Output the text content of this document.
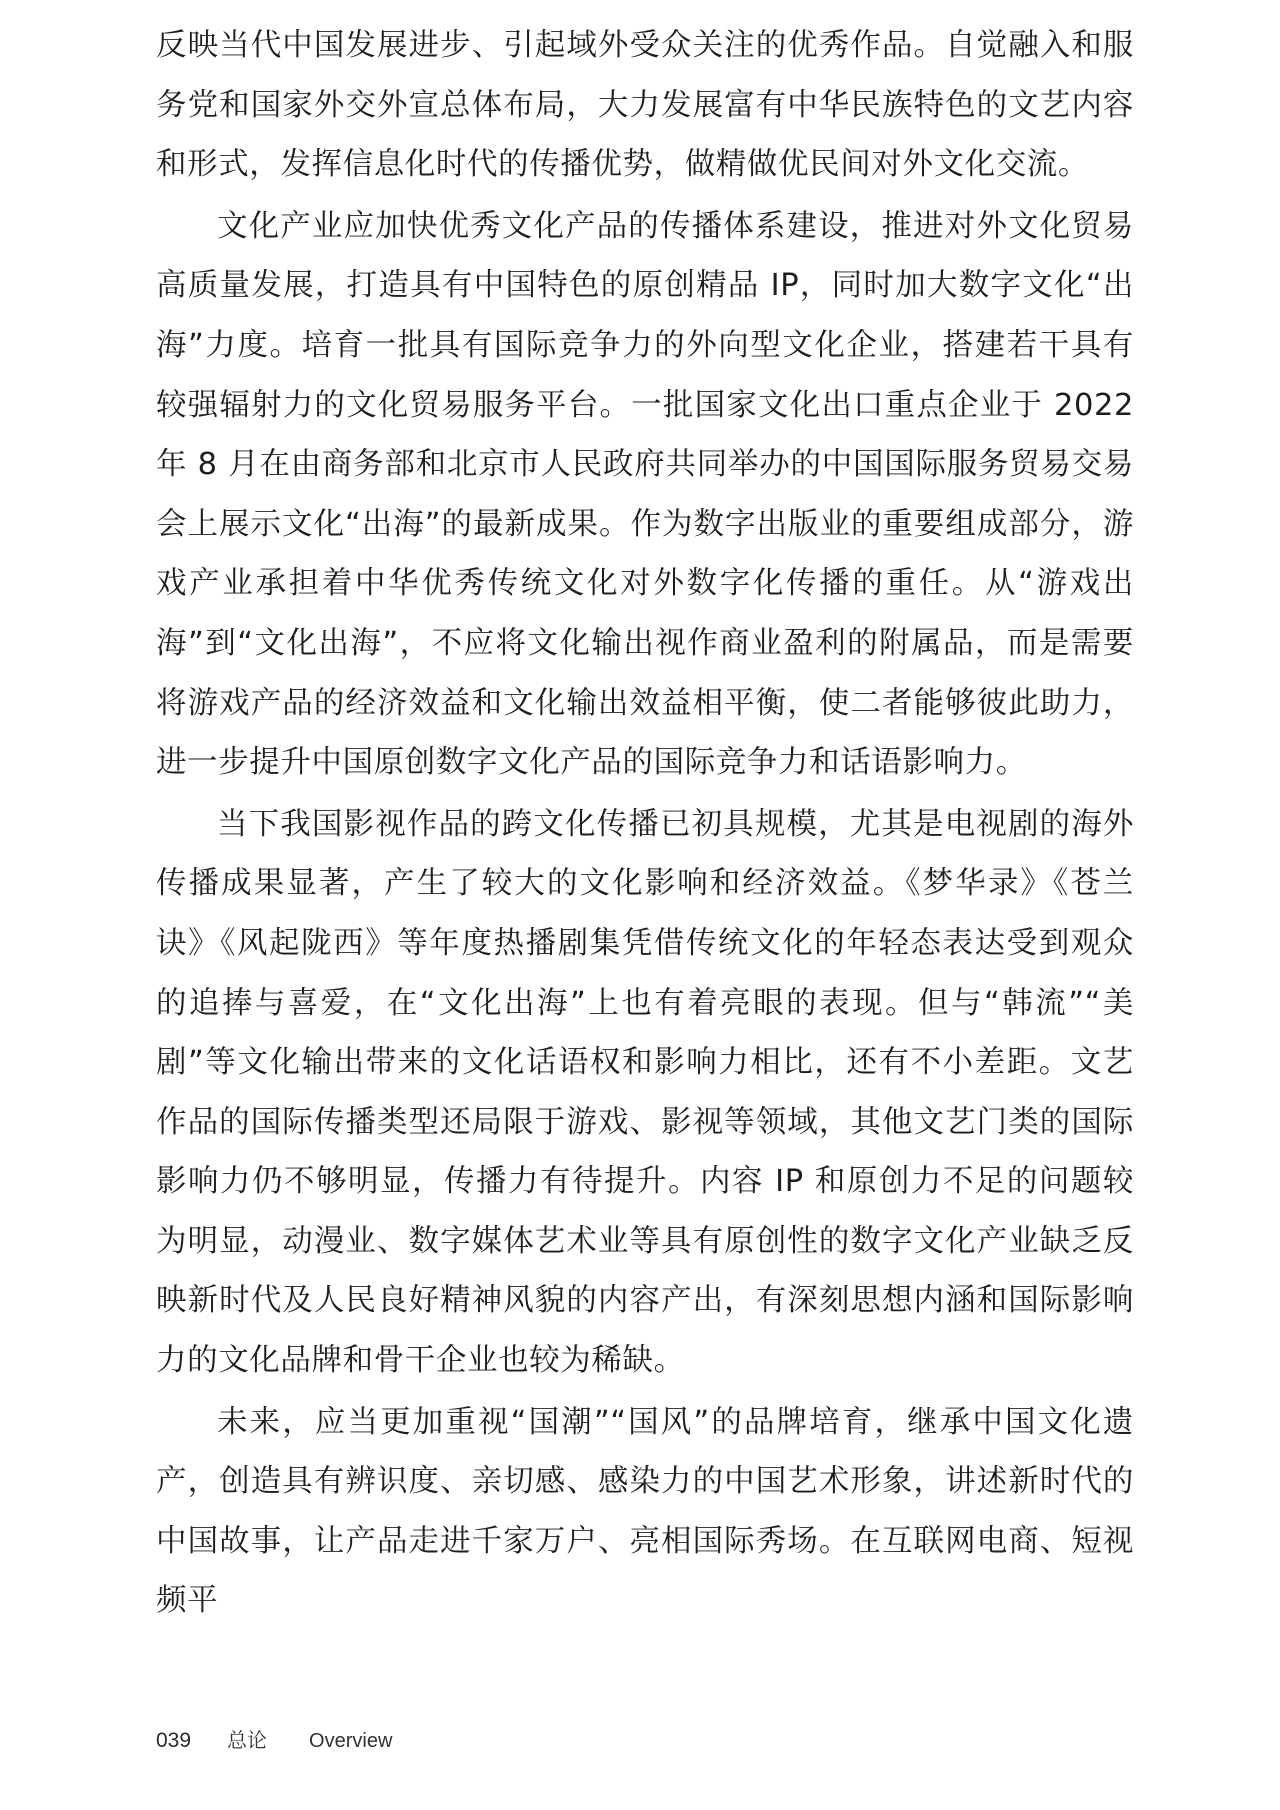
反映当代中国发展进步、引起域外受众关注的优秀作品。自觉融入和服务党和国家外交外宣总体布局，大力发展富有中华民族特色的文艺内容和形式，发挥信息化时代的传播优势，做精做优民间对外文化交流。

文化产业应加快优秀文化产品的传播体系建设，推进对外文化贸易高质量发展，打造具有中国特色的原创精品 IP，同时加大数字文化“出海”力度。培育一批具有国际竞争力的外向型文化企业，搭建若干具有较强辐射力的文化贸易服务平台。一批国家文化出口重点企业于 2022 年 8 月在由商务部和北京市人民政府共同举办的中国国际服务贸易交易会上展示文化“出海”的最新成果。作为数字出版业的重要组成部分，游戏产业承担着中华优秀传统文化对外数字化传播的重任。从“游戏出海”到“文化出海”，不应将文化输出视作商业盈利的附属品，而是需要将游戏产品的经济效益和文化输出效益相平衡，使二者能够彼此助力，进一步提升中国原创数字文化产品的国际竞争力和话语影响力。

当下我国影视作品的跨文化传播已初具规模，尤其是电视剧的海外传播成果显著，产生了较大的文化影响和经济效益。《梦华录》《苍兰诀》《风起陇西》等年度热播剧集凭借传统文化的年轻态表达受到观众的追捧与喜爱，在“文化出海”上也有着亮眼的表现。但与“韩流”“美剧”等文化输出带来的文化话语权和影响力相比，还有不小差距。文艺作品的国际传播类型还局限于游戏、影视等领域，其他文艺门类的国际影响力仍不够明显，传播力有待提升。内容 IP 和原创力不足的问题较为明显，动漫业、数字媒体艺术业等具有原创性的数字文化产业缺乏反映新时代及人民良好精神风貌的内容产出，有深刻思想内涵和国际影响力的文化品牌和骨干企业也较为稀缺。

未来，应当更加重视“国潮”“国风”的品牌培育，继承中国文化遗产，创造具有辨识度、亲切感、感染力的中国艺术形象，讲述新时代的中国故事，让产品走进千家万户、亮相国际秀场。在互联网电商、短视频平

039 总论 Overview
